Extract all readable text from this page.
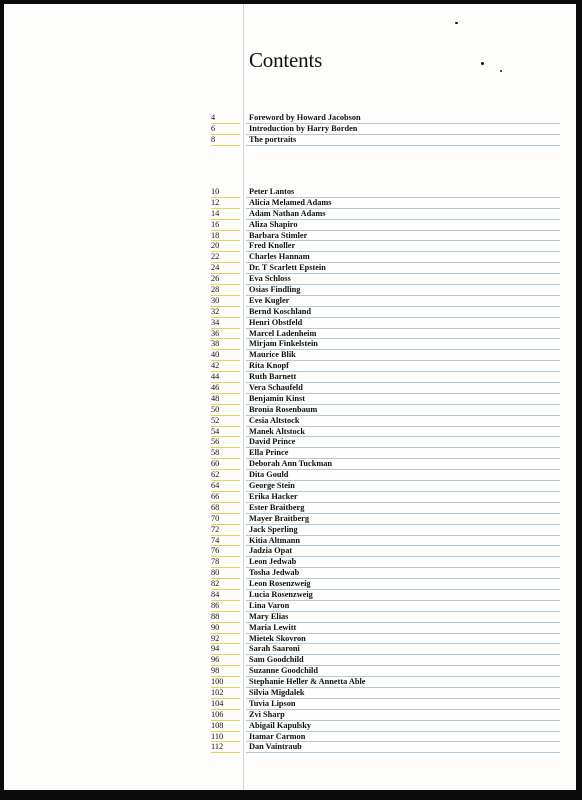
Contents
4	Foreword by Howard Jacobson
6	Introduction by Harry Borden
8	The portraits
10	Peter Lantos
12	Alicia Melamed Adams
14	Adam Nathan Adams
16	Aliza Shapiro
18	Barbara Stimler
20	Fred Knoller
22	Charles Hannam
24	Dr. T Scarlett Epstein
26	Eva Schloss
28	Osias Findling
30	Eve Kugler
32	Bernd Koschland
34	Henri Obstfeld
36	Marcel Ladenheim
38	Mirjam Finkelstein
40	Maurice Blik
42	Rita Knopf
44	Ruth Barnett
46	Vera Schaufeld
48	Benjamin Kinst
50	Bronia Rosenbaum
52	Cesia Altstock
54	Manek Altstock
56	David Prince
58	Ella Prince
60	Deborah Ann Tuckman
62	Dita Gould
64	George Stein
66	Erika Hacker
68	Ester Braitberg
70	Mayer Braitberg
72	Jack Sperling
74	Kitia Altmann
76	Jadzia Opat
78	Leon Jedwab
80	Tosha Jedwab
82	Leon Rosenzweig
84	Lucia Rosenzweig
86	Lina Varon
88	Mary Elias
90	Maria Lewitt
92	Mietek Skovron
94	Sarah Saaroni
96	Sam Goodchild
98	Suzanne Goodchild
100	Stephanie Heller & Annetta Able
102	Silvia Migdalek
104	Tuvia Lipson
106	Zvi Sharp
108	Abigail Kapulsky
110	Itamar Carmon
112	Dan Vaintraub
